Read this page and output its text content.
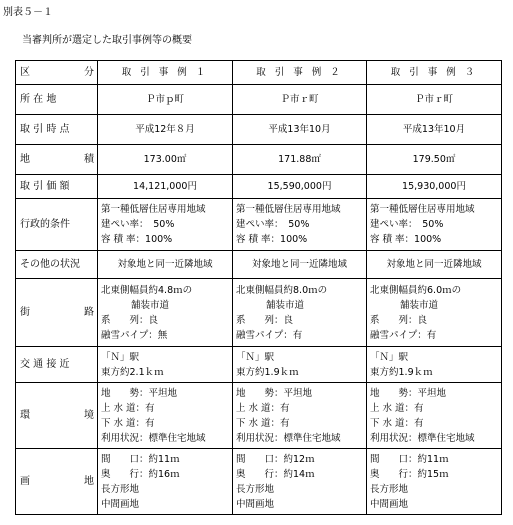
別表５－１
当審判所が選定した取引事例等の概要
区 分	取 引 事 例 １	取 引 事 例 ２	取 引 事 例 ３
所 在 地	Ｐ市ｐ町	Ｐ市ｒ町	Ｐ市ｒ町
取 引 時 点	平成12年８月	平成13年10月	平成13年10月

地 積	173.00㎡	171.88㎡	179.50㎡
取 引 価 額	14,121,000円	15,590,000円	15,930,000円
行政的条件	第一種低層住居専用地域
建ぺい率：　50%
容 積 率：100%	第一種低層住居専用地域
建ぺい率：　50%
容 積 率：100%	第一種低層住居専用地域
建ぺい率：　50%
容 積 率：100%

その他の状況	対象地と同一近隣地域	対象地と同一近隣地域	対象地と同一近隣地域

街 路	北東側幅員約4.8ｍの
舗装市道
系　　列：良
融雪パイプ：無	北東側幅員約8.0ｍの
舗装市道
系　　列：良
融雪パイプ：有	北東側幅員約6.0ｍの
舗装市道
系　　列：良
融雪パイプ：有

交 通 接 近	「Ｎ」駅
東方約2.1ｋｍ	「Ｎ」駅
東方約1.9ｋｍ	「Ｎ」駅
東方約1.9ｋｍ

環 境	地　　勢：平坦地
上 水 道：有
下 水 道：有
利用状況：標準住宅地域	地　　勢：平坦地
上 水 道：有
下 水 道：有
利用状況：標準住宅地域	地　　勢：平坦地
上 水 道：有
下 水 道：有
利用状況：標準住宅地域

画 地	間　　口：約11ｍ
奥　　行：約16ｍ
長方形地
中間画地	間　　口：約12ｍ
奥　　行：約14ｍ
長方形地
中間画地	間　　口：約11ｍ
奥　　行：約15ｍ
長方形地
中間画地
